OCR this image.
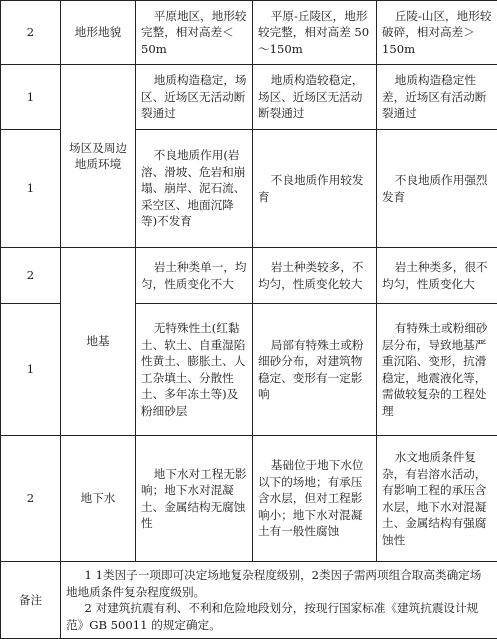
2	地形地貌	平原地区，地形较完整，相对高差＜50m	平原-丘陵区，地形较完整，相对高差 50～150m	丘陵-山区，地形较破碎，相对高差＞150m
1	场区及周边地质环境	地质构造稳定，场区、近场区无活动断裂通过	地质构造较稳定，场区、近场区无活动断裂通过	地质构造稳定性差，近场区有活动断裂通过
1		不良地质作用(岩溶、滑坡、危岩和崩塌、崩岸、泥石流、采空区、地面沉降等)不发育	不良地质作用较发育	不良地质作用强烈发育
2	地基	岩土种类单一，均匀，性质变化不大	岩土种类较多，不均匀，性质变化较大	岩土种类多，很不均匀，性质变化大
1		无特殊性土(红黏土、软土、自重湿陷性黄土、膨胀土、人工杂填土、分散性土、多年冻土等)及粉细砂层	局部有特殊土或粉细砂分布，对建筑物稳定、变形有一定影响	有特殊土或粉细砂层分布，导致地基严重沉陷、变形，抗滑稳定，地震液化等，需做较复杂的工程处理
2	地下水	地下水对工程无影响；地下水对混凝土、金属结构无腐蚀性	基础位于地下水位以下的场地；有承压含水层，但对工程影响小；地下水对混凝土有一般性腐蚀	水文地质条件复杂，有岩溶水活动，有影响工程的承压含水层，地下水对混凝土、金属结构有强腐蚀性
备注	1 1类因子一项即可决定场地复杂程度级别，2类因子需两项组合取高类确定场地地质条件复杂程度级别。

2 对建筑抗震有利、不利和危险地段划分，按现行国家标准《建筑抗震设计规范》GB 50011 的规定确定。			
